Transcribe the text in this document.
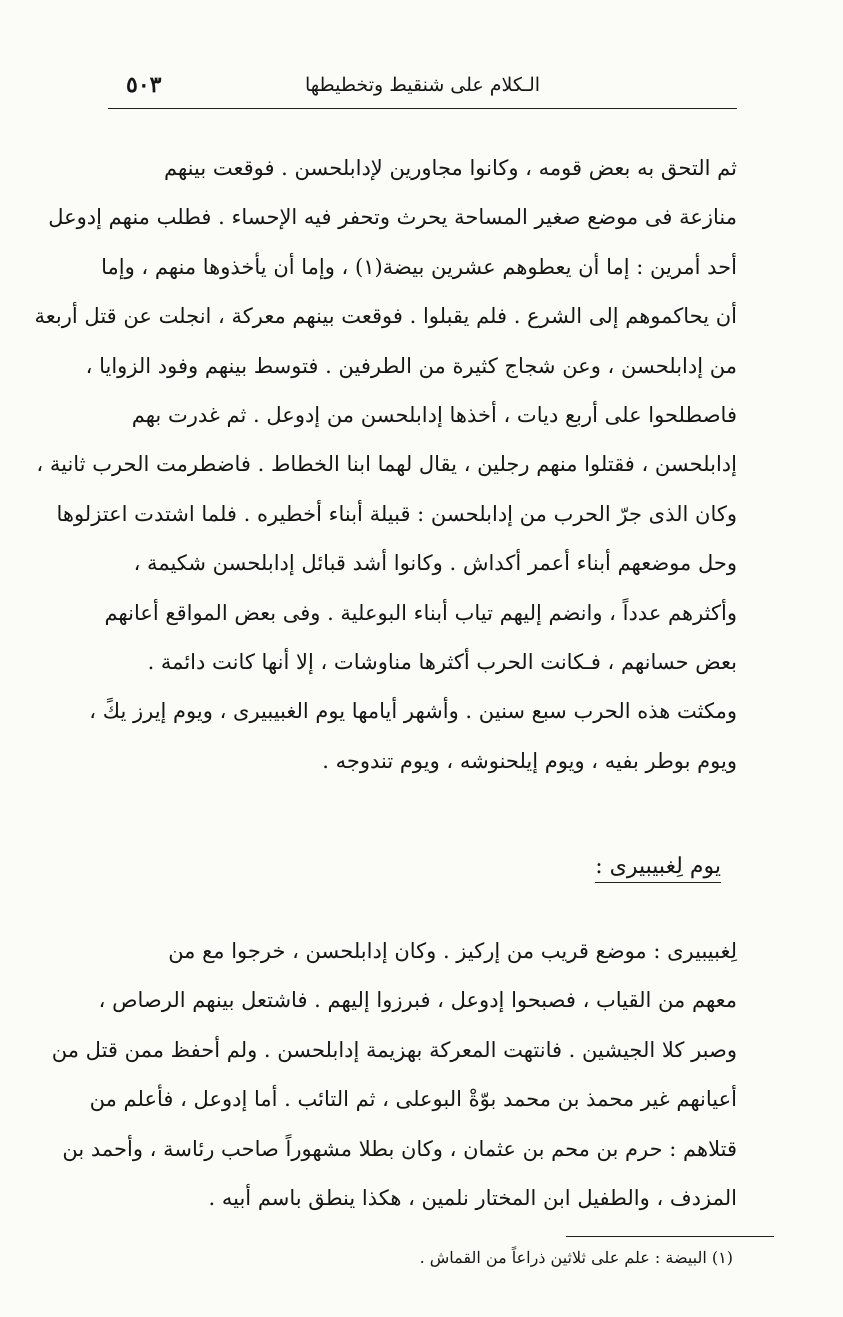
٥٠٣	الـكلام على شنقيط وتخطيطها
ثم التحق به بعض قومه ، وكانوا مجاورين لإدابلحسن . فوقعت بينهم
منازعة فى موضع صغير المساحة يحرث وتحفر فيه الإحساء . فطلب منهم إدوعل
أحد أمرين : إما أن يعطوهم عشرين بيضة(١) ، وإما أن يأخذوها منهم ، وإما
أن يحاكموهم إلى الشرع . فلم يقبلوا . فوقعت بينهم معركة ، انجلت عن قتل أربعة
من إدابلحسن ، وعن شجاج كثيرة من الطرفين . فتوسط بينهم وفود الزوايا ،
فاصطلحوا على أربع ديات ، أخذها إدابلحسن من إدوعل . ثم غدرت بهم
إدابلحسن ، فقتلوا منهم رجلين ، يقال لهما ابنا الخطاط . فاضطرمت الحرب ثانية ،
وكان الذى جرّ الحرب من إدابلحسن : قبيلة أبناء أخطيره . فلما اشتدت اعتزلوها
وحل موضعهم أبناء أعمر أكداش . وكانوا أشد قبائل إدابلحسن شكيمة ،
وأكثرهم عدداً ، وانضم إليهم تياب أبناء البوعلية . وفى بعض المواقع أعانهم
بعض حسانهم ، فـكانت الحرب أكثرها مناوشات ، إلا أنها كانت دائمة .
ومكثت هذه الحرب سبع سنين . وأشهر أيامها يوم الغبيبيرى ، ويوم إيرز يكً ،
ويوم بوطر بفيه ، ويوم إيلحنوشه ، ويوم تندوجه .
يوم لِغبيبيرى :
لِغبيبيرى : موضع قريب من إركيز . وكان إدابلحسن ، خرجوا مع من
معهم من القياب ، فصبحوا إدوعل ، فبرزوا إليهم . فاشتعل بينهم الرصاص ،
وصبر كلا الجيشين . فانتهت المعركة بهزيمة إدابلحسن . ولم أحفظ ممن قتل من
أعيانهم غير محمذ بن محمد بوّةْ البوعلى ، ثم التائب . أما إدوعل ، فأعلم من
قتلاهم : حرم بن محم بن عثمان ، وكان بطلا مشهوراً صاحب رئاسة ، وأحمد بن
المزدف ، والطفيل ابن المختار نلمين ، هكذا ينطق باسم أبيه .
(١) البيضة : علم على ثلاثين ذراعاً من القماش .
